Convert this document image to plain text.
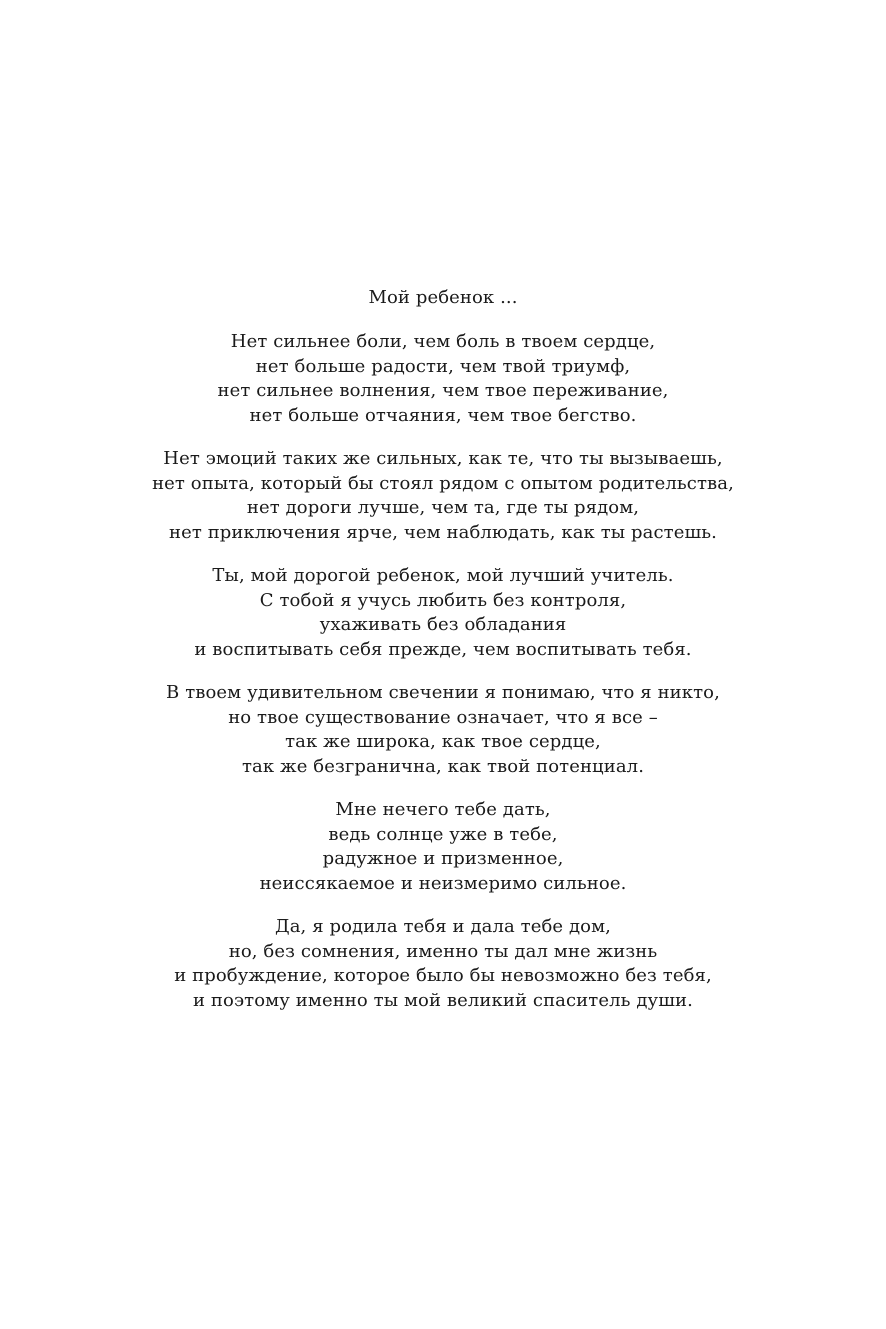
Мой ребенок ...
Нет сильнее боли, чем боль в твоем сердце,
нет больше радости, чем твой триумф,
нет сильнее волнения, чем твое переживание,
нет больше отчаяния, чем твое бегство.
Нет эмоций таких же сильных, как те, что ты вызываешь,
нет опыта, который бы стоял рядом с опытом родительства,
нет дороги лучше, чем та, где ты рядом,
нет приключения ярче, чем наблюдать, как ты растешь.
Ты, мой дорогой ребенок, мой лучший учитель.
С тобой я учусь любить без контроля,
ухаживать без обладания
и воспитывать себя прежде, чем воспитывать тебя.
В твоем удивительном свечении я понимаю, что я никто,
но твое существование означает, что я все –
так же широка, как твое сердце,
так же безгранична, как твой потенциал.
Мне нечего тебе дать,
ведь солнце уже в тебе,
радужное и призменное,
неиссякаемое и неизмеримо сильное.
Да, я родила тебя и дала тебе дом,
но, без сомнения, именно ты дал мне жизнь
и пробуждение, которое было бы невозможно без тебя,
и поэтому именно ты мой великий спаситель души.
